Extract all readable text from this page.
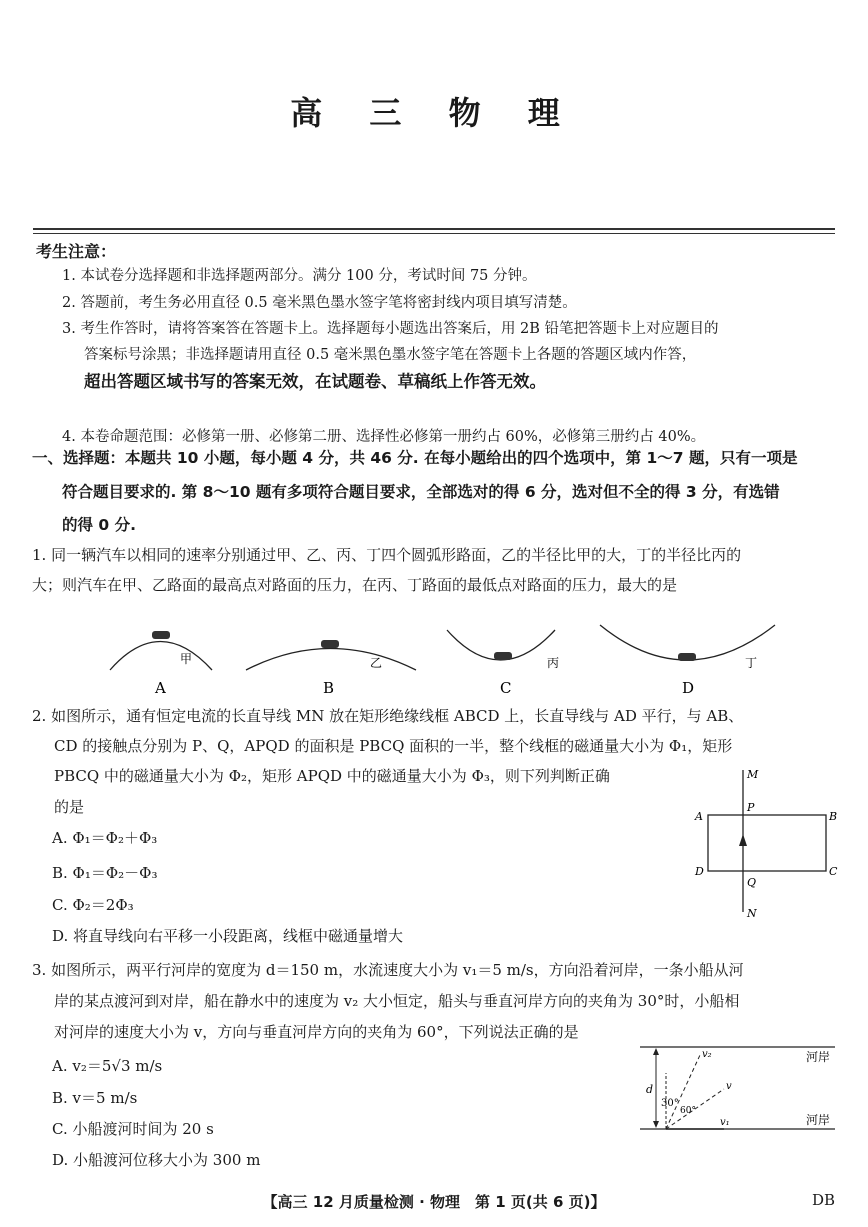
高 三 物 理
考生注意：
1. 本试卷分选择题和非选择题两部分。满分 100 分，考试时间 75 分钟。
2. 答题前，考生务必用直径 0.5 毫米黑色墨水签字笔将密封线内项目填写清楚。
3. 考生作答时，请将答案答在答题卡上。选择题每小题选出答案后，用 2B 铅笔把答题卡上对应题目的
答案标号涂黑；非选择题请用直径 0.5 毫米黑色墨水签字笔在答题卡上各题的答题区域内作答，
超出答题区域书写的答案无效，在试题卷、草稿纸上作答无效。
4. 本卷命题范围：必修第一册、必修第二册、选择性必修第一册约占 60%，必修第三册约占 40%。
一、选择题：本题共 10 小题，每小题 4 分，共 46 分. 在每小题给出的四个选项中，第 1～7 题，只有一项是
符合题目要求的. 第 8～10 题有多项符合题目要求，全部选对的得 6 分，选对但不全的得 3 分，有选错
的得 0 分.
1. 同一辆汽车以相同的速率分别通过甲、乙、丙、丁四个圆弧形路面，乙的半径比甲的大，丁的半径比丙的
大；则汽车在甲、乙路面的最高点对路面的压力，在丙、丁路面的最低点对路面的压力，最大的是
甲
A
乙
B
丙
C
丁
D
2. 如图所示，通有恒定电流的长直导线 MN 放在矩形绝缘线框 ABCD 上，长直导线与 AD 平行，与 AB、
CD 的接触点分别为 P、Q，APQD 的面积是 PBCQ 面积的一半，整个线框的磁通量大小为 Φ₁，矩形
PBCQ 中的磁通量大小为 Φ₂，矩形 APQD 中的磁通量大小为 Φ₃，则下列判断正确
的是
A. Φ₁＝Φ₂＋Φ₃
B. Φ₁＝Φ₂－Φ₃
C. Φ₂＝2Φ₃
D. 将直导线向右平移一小段距离，线框中磁通量增大
M
N
P
Q
A	B
C
D
3. 如图所示，两平行河岸的宽度为 d＝150 m，水流速度大小为 v₁＝5 m/s，方向沿着河岸，一条小船从河
岸的某点渡河到对岸，船在静水中的速度为 v₂ 大小恒定，船头与垂直河岸方向的夹角为 30°时，小船相
对河岸的速度大小为 v，方向与垂直河岸方向的夹角为 60°，下列说法正确的是
A. v₂＝5√3 m/s
B. v＝5 m/s
C. 小船渡河时间为 20 s
D. 小船渡河位移大小为 300 m
d
v₂
v
v₁
30°
60°
河岸
河岸
【高三 12 月质量检测 · 物理　第 1 页(共 6 页)】	DB
